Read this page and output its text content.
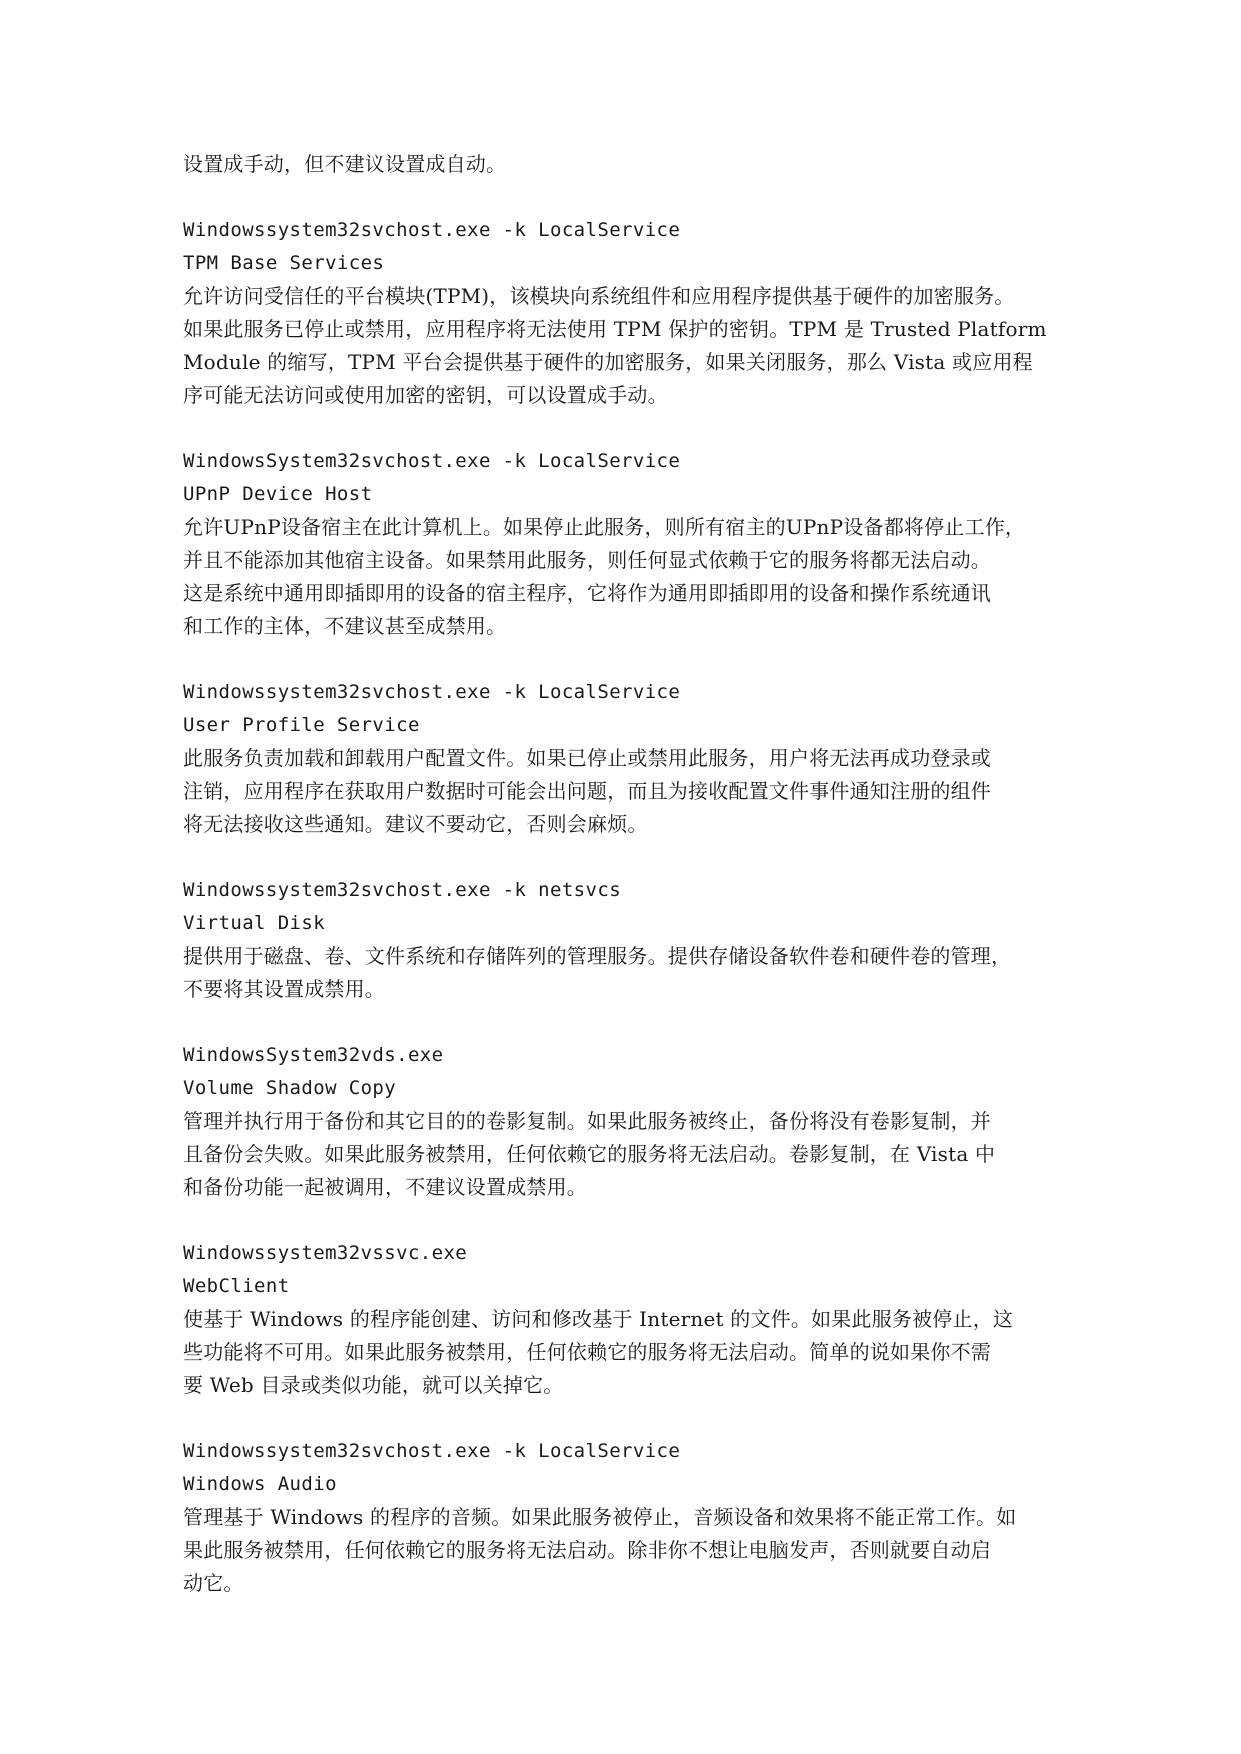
设置成手动，但不建议设置成自动。
Windowssystem32svchost.exe -k LocalService
TPM Base Services
允许访问受信任的平台模块(TPM)，该模块向系统组件和应用程序提供基于硬件的加密服务。
如果此服务已停止或禁用，应用程序将无法使用 TPM 保护的密钥。TPM 是 Trusted Platform
Module 的缩写，TPM 平台会提供基于硬件的加密服务，如果关闭服务，那么 Vista 或应用程
序可能无法访问或使用加密的密钥，可以设置成手动。
WindowsSystem32svchost.exe -k LocalService
UPnP Device Host
允许UPnP设备宿主在此计算机上。如果停止此服务，则所有宿主的UPnP设备都将停止工作，
并且不能添加其他宿主设备。如果禁用此服务，则任何显式依赖于它的服务将都无法启动。
这是系统中通用即插即用的设备的宿主程序，它将作为通用即插即用的设备和操作系统通讯
和工作的主体，不建议甚至成禁用。
Windowssystem32svchost.exe -k LocalService
User Profile Service
此服务负责加载和卸载用户配置文件。如果已停止或禁用此服务，用户将无法再成功登录或
注销，应用程序在获取用户数据时可能会出问题，而且为接收配置文件事件通知注册的组件
将无法接收这些通知。建议不要动它，否则会麻烦。
Windowssystem32svchost.exe -k netsvcs
Virtual Disk
提供用于磁盘、卷、文件系统和存储阵列的管理服务。提供存储设备软件卷和硬件卷的管理，
不要将其设置成禁用。
WindowsSystem32vds.exe
Volume Shadow Copy
管理并执行用于备份和其它目的的卷影复制。如果此服务被终止，备份将没有卷影复制，并
且备份会失败。如果此服务被禁用，任何依赖它的服务将无法启动。卷影复制，在 Vista 中
和备份功能一起被调用，不建议设置成禁用。
Windowssystem32vssvc.exe
WebClient
使基于 Windows 的程序能创建、访问和修改基于 Internet 的文件。如果此服务被停止，这
些功能将不可用。如果此服务被禁用，任何依赖它的服务将无法启动。简单的说如果你不需
要 Web 目录或类似功能，就可以关掉它。
Windowssystem32svchost.exe -k LocalService
Windows Audio
管理基于 Windows 的程序的音频。如果此服务被停止，音频设备和效果将不能正常工作。如
果此服务被禁用，任何依赖它的服务将无法启动。除非你不想让电脑发声，否则就要自动启
动它。
